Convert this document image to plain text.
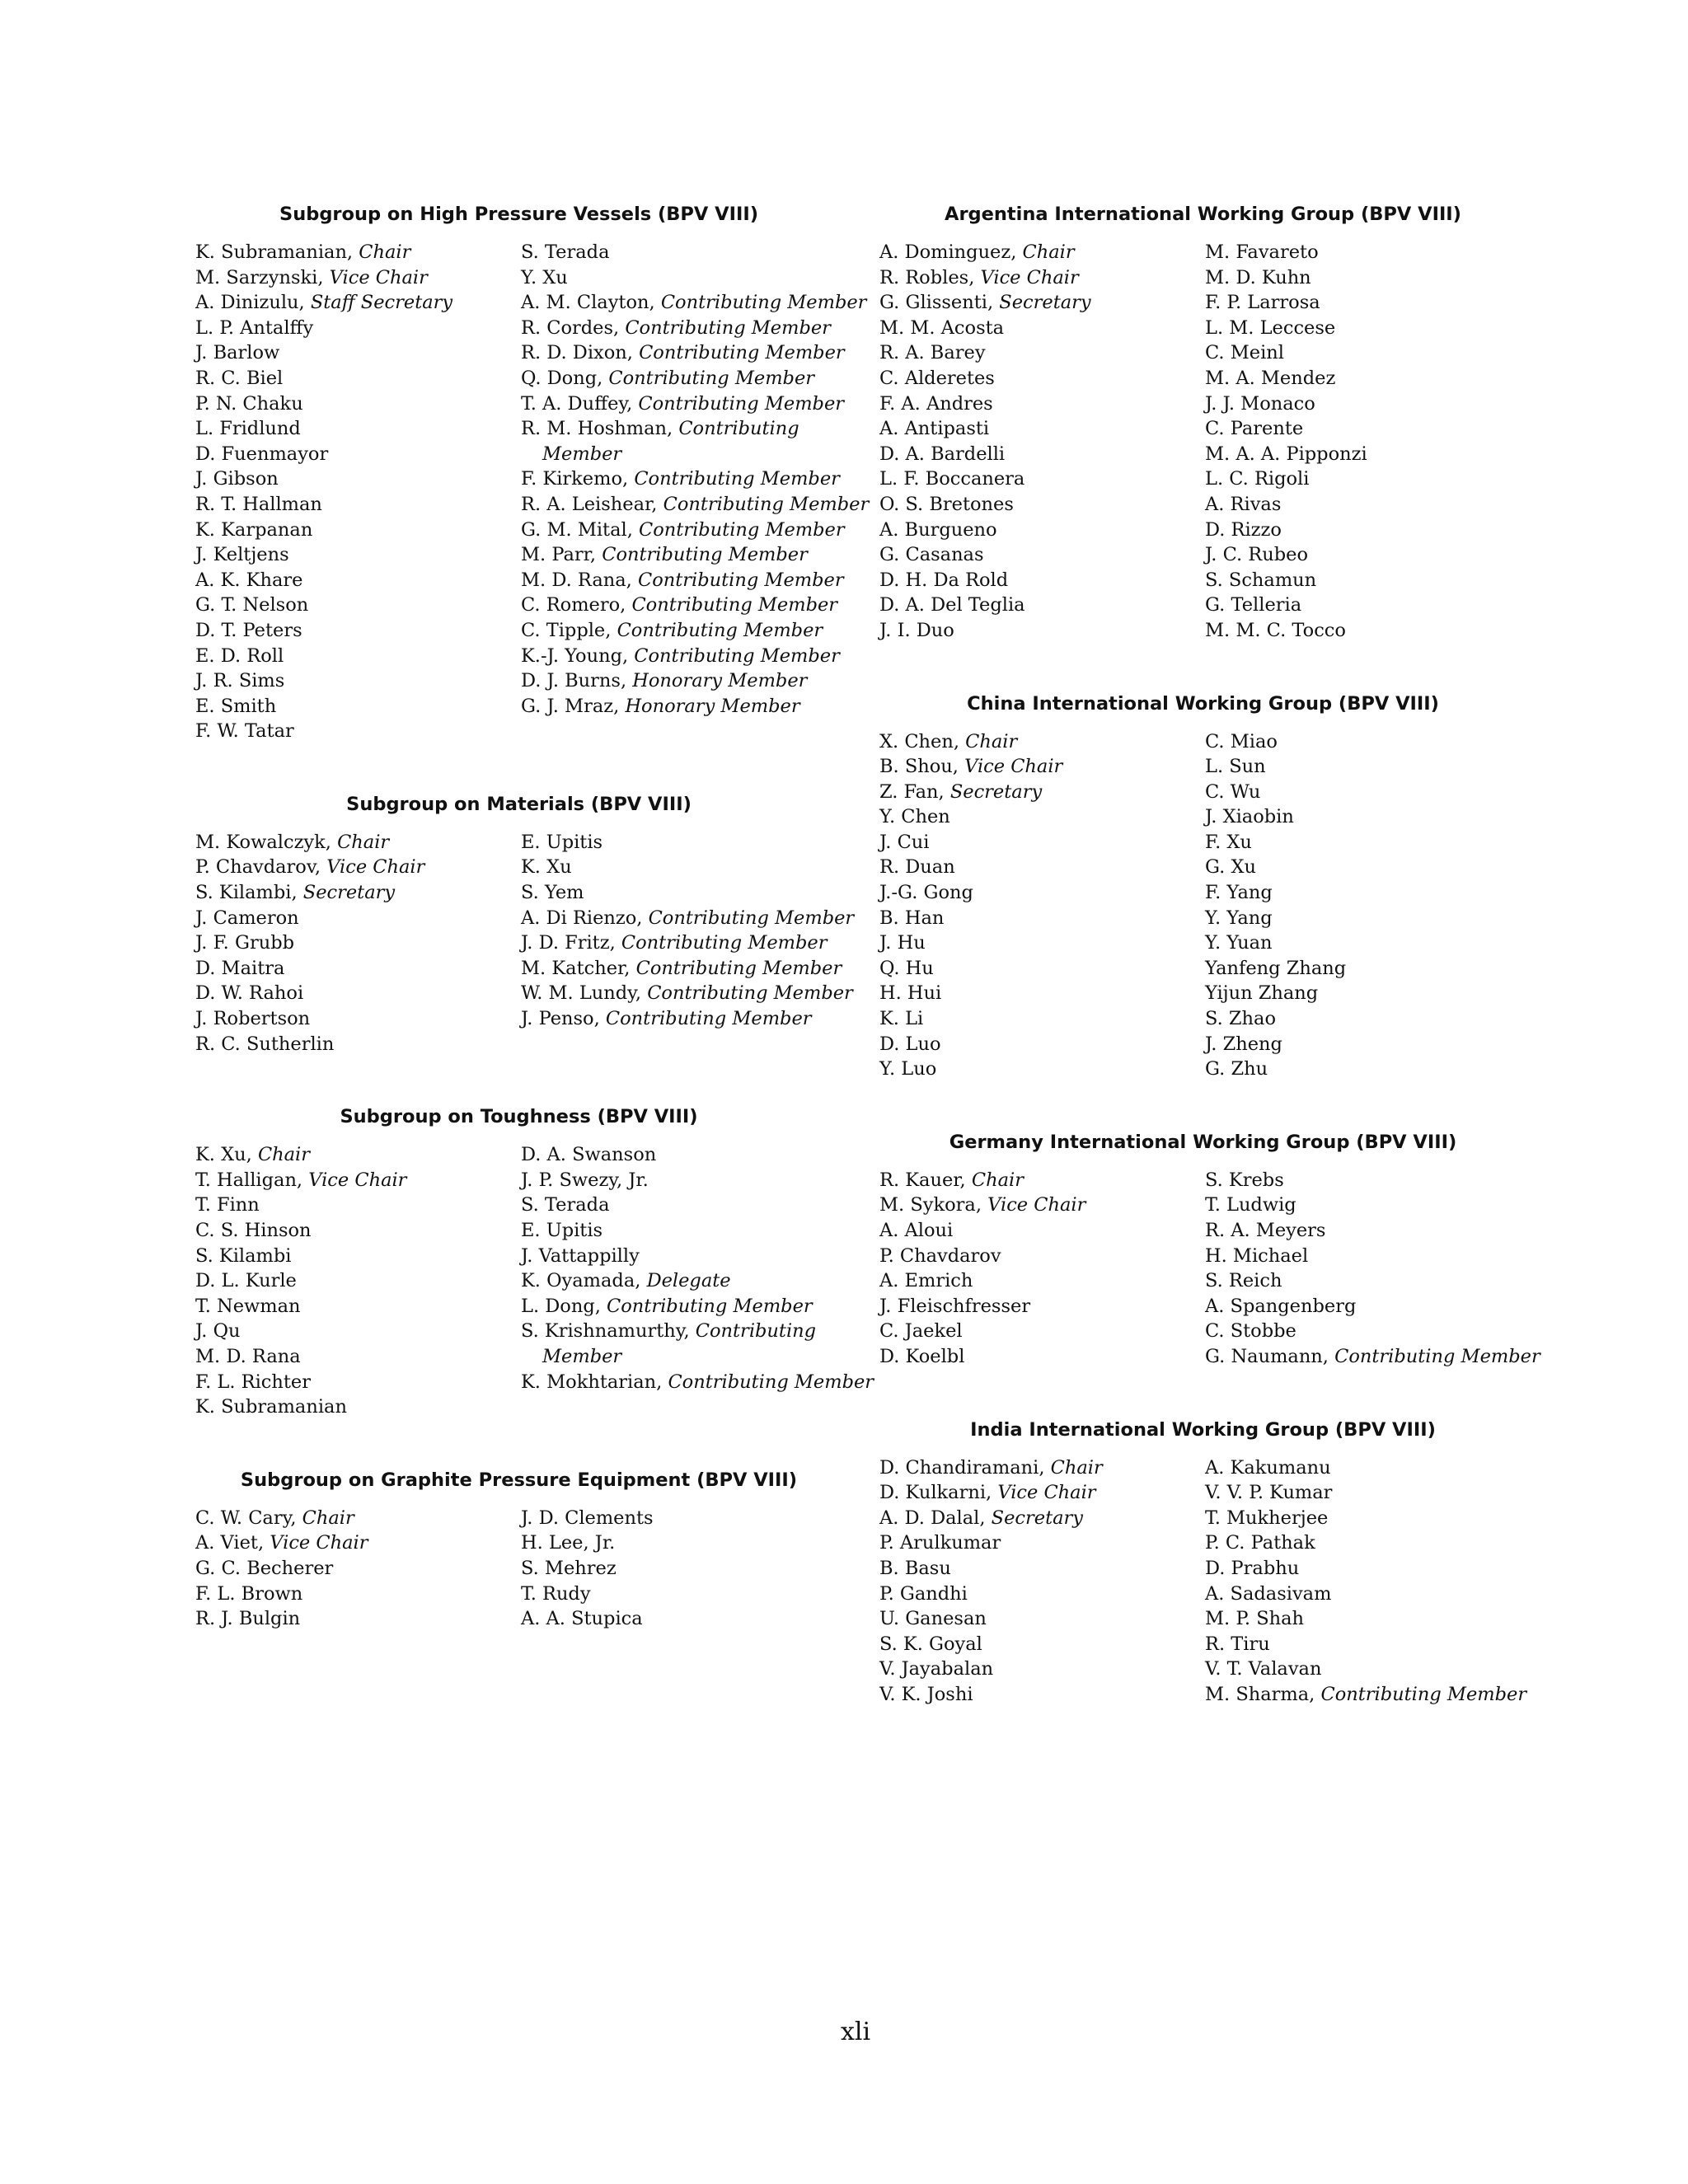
Subgroup on High Pressure Vessels (BPV VIII)
K. Subramanian, Chair
M. Sarzynski, Vice Chair
A. Dinizulu, Staff Secretary
L. P. Antalffy
J. Barlow
R. C. Biel
P. N. Chaku
L. Fridlund
D. Fuenmayor
J. Gibson
R. T. Hallman
K. Karpanan
J. Keltjens
A. K. Khare
G. T. Nelson
D. T. Peters
E. D. Roll
J. R. Sims
E. Smith
F. W. Tatar
S. Terada
Y. Xu
A. M. Clayton, Contributing Member
R. Cordes, Contributing Member
R. D. Dixon, Contributing Member
Q. Dong, Contributing Member
T. A. Duffey, Contributing Member
R. M. Hoshman, Contributing Member
F. Kirkemo, Contributing Member
R. A. Leishear, Contributing Member
G. M. Mital, Contributing Member
M. Parr, Contributing Member
M. D. Rana, Contributing Member
C. Romero, Contributing Member
C. Tipple, Contributing Member
K.-J. Young, Contributing Member
D. J. Burns, Honorary Member
G. J. Mraz, Honorary Member
Subgroup on Materials (BPV VIII)
M. Kowalczyk, Chair
P. Chavdarov, Vice Chair
S. Kilambi, Secretary
J. Cameron
J. F. Grubb
D. Maitra
D. W. Rahoi
J. Robertson
R. C. Sutherlin
E. Upitis
K. Xu
S. Yem
A. Di Rienzo, Contributing Member
J. D. Fritz, Contributing Member
M. Katcher, Contributing Member
W. M. Lundy, Contributing Member
J. Penso, Contributing Member
Subgroup on Toughness (BPV VIII)
K. Xu, Chair
T. Halligan, Vice Chair
T. Finn
C. S. Hinson
S. Kilambi
D. L. Kurle
T. Newman
J. Qu
M. D. Rana
F. L. Richter
K. Subramanian
D. A. Swanson
J. P. Swezy, Jr.
S. Terada
E. Upitis
J. Vattappilly
K. Oyamada, Delegate
L. Dong, Contributing Member
S. Krishnamurthy, Contributing Member
K. Mokhtarian, Contributing Member
Subgroup on Graphite Pressure Equipment (BPV VIII)
C. W. Cary, Chair
A. Viet, Vice Chair
G. C. Becherer
F. L. Brown
R. J. Bulgin
J. D. Clements
H. Lee, Jr.
S. Mehrez
T. Rudy
A. A. Stupica
Argentina International Working Group (BPV VIII)
A. Dominguez, Chair
R. Robles, Vice Chair
G. Glissenti, Secretary
M. M. Acosta
R. A. Barey
C. Alderetes
F. A. Andres
A. Antipasti
D. A. Bardelli
L. F. Boccanera
O. S. Bretones
A. Burgueno
G. Casanas
D. H. Da Rold
D. A. Del Teglia
J. I. Duo
M. Favareto
M. D. Kuhn
F. P. Larrosa
L. M. Leccese
C. Meinl
M. A. Mendez
J. J. Monaco
C. Parente
M. A. A. Pipponzi
L. C. Rigoli
A. Rivas
D. Rizzo
J. C. Rubeo
S. Schamun
G. Telleria
M. M. C. Tocco
China International Working Group (BPV VIII)
X. Chen, Chair
B. Shou, Vice Chair
Z. Fan, Secretary
Y. Chen
J. Cui
R. Duan
J.-G. Gong
B. Han
J. Hu
Q. Hu
H. Hui
K. Li
D. Luo
Y. Luo
C. Miao
L. Sun
C. Wu
J. Xiaobin
F. Xu
G. Xu
F. Yang
Y. Yang
Y. Yuan
Yanfeng Zhang
Yijun Zhang
S. Zhao
J. Zheng
G. Zhu
Germany International Working Group (BPV VIII)
R. Kauer, Chair
M. Sykora, Vice Chair
A. Aloui
P. Chavdarov
A. Emrich
J. Fleischfresser
C. Jaekel
D. Koelbl
S. Krebs
T. Ludwig
R. A. Meyers
H. Michael
S. Reich
A. Spangenberg
C. Stobbe
G. Naumann, Contributing Member
India International Working Group (BPV VIII)
D. Chandiramani, Chair
D. Kulkarni, Vice Chair
A. D. Dalal, Secretary
P. Arulkumar
B. Basu
P. Gandhi
U. Ganesan
S. K. Goyal
V. Jayabalan
V. K. Joshi
A. Kakumanu
V. V. P. Kumar
T. Mukherjee
P. C. Pathak
D. Prabhu
A. Sadasivam
M. P. Shah
R. Tiru
V. T. Valavan
M. Sharma, Contributing Member
xli
